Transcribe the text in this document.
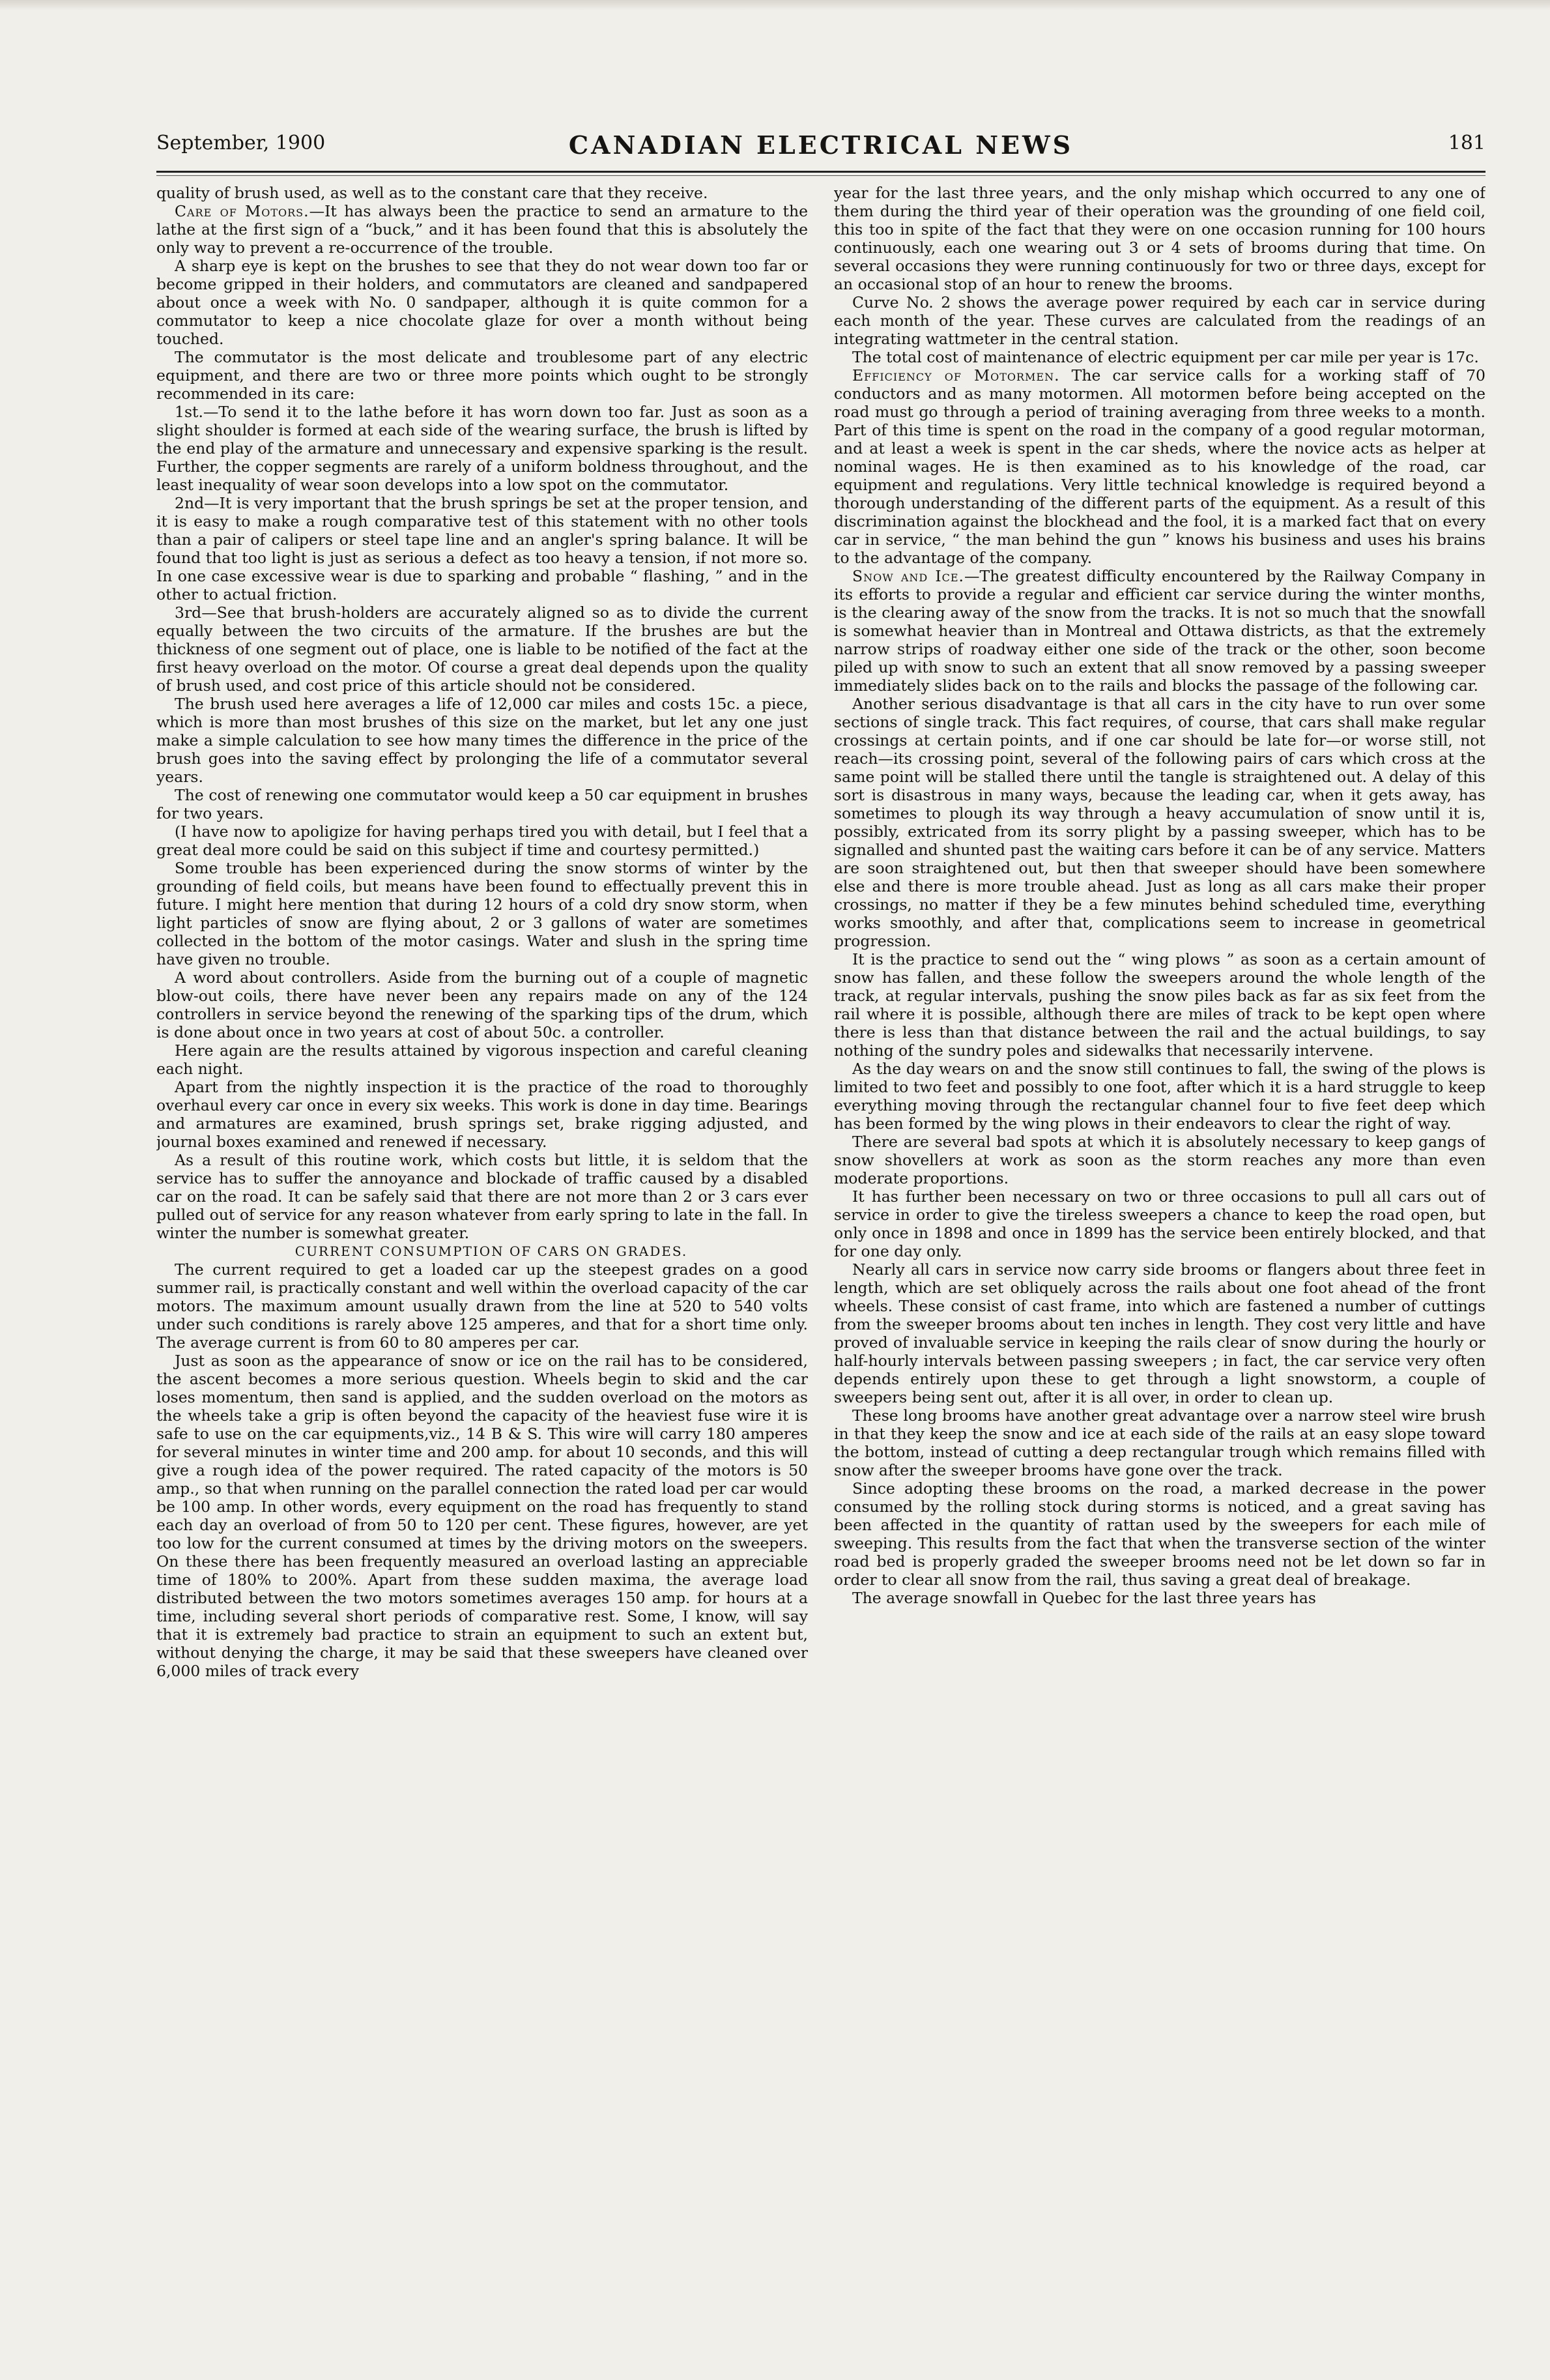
September, 1900	CANADIAN ELECTRICAL NEWS	181

quality of brush used, as well as to the constant care that they receive.

Care of Motors.—It has always been the practice to send an armature to the lathe at the first sign of a “buck,” and it has been found that this is absolutely the only way to prevent a re-occurrence of the trouble.

A sharp eye is kept on the brushes to see that they do not wear down too far or become gripped in their holders, and commutators are cleaned and sandpapered about once a week with No. 0 sandpaper, although it is quite common for a commutator to keep a nice chocolate glaze for over a month without being touched.

The commutator is the most delicate and troublesome part of any electric equipment, and there are two or three more points which ought to be strongly recommended in its care:

1st.—To send it to the lathe before it has worn down too far. Just as soon as a slight shoulder is formed at each side of the wearing surface, the brush is lifted by the end play of the armature and unnecessary and expensive sparking is the result. Further, the copper segments are rarely of a uniform boldness throughout, and the least inequality of wear soon develops into a low spot on the commutator.

2nd—It is very important that the brush springs be set at the proper tension, and it is easy to make a rough comparative test of this statement with no other tools than a pair of calipers or steel tape line and an angler's spring balance. It will be found that too light is just as serious a defect as too heavy a tension, if not more so. In one case excessive wear is due to sparking and probable “ flashing, ” and in the other to actual friction.

3rd—See that brush-holders are accurately aligned so as to divide the current equally between the two circuits of the armature. If the brushes are but the thickness of one segment out of place, one is liable to be notified of the fact at the first heavy overload on the motor. Of course a great deal depends upon the quality of brush used, and cost price of this article should not be considered.

The brush used here averages a life of 12,000 car miles and costs 15c. a piece, which is more than most brushes of this size on the market, but let any one just make a simple calculation to see how many times the difference in the price of the brush goes into the saving effect by prolonging the life of a commutator several years.

The cost of renewing one commutator would keep a 50 car equipment in brushes for two years.

(I have now to apoligize for having perhaps tired you with detail, but I feel that a great deal more could be said on this subject if time and courtesy permitted.)

Some trouble has been experienced during the snow storms of winter by the grounding of field coils, but means have been found to effectually prevent this in future. I might here mention that during 12 hours of a cold dry snow storm, when light particles of snow are flying about, 2 or 3 gallons of water are sometimes collected in the bottom of the motor casings. Water and slush in the spring time have given no trouble.

A word about controllers. Aside from the burning out of a couple of magnetic blow-out coils, there have never been any repairs made on any of the 124 controllers in service beyond the renewing of the sparking tips of the drum, which is done about once in two years at cost of about 50c. a controller.

Here again are the results attained by vigorous inspection and careful cleaning each night.

Apart from the nightly inspection it is the practice of the road to thoroughly overhaul every car once in every six weeks. This work is done in day time. Bearings and armatures are examined, brush springs set, brake rigging adjusted, and journal boxes examined and renewed if necessary.

As a result of this routine work, which costs but little, it is seldom that the service has to suffer the annoyance and blockade of traffic caused by a disabled car on the road. It can be safely said that there are not more than 2 or 3 cars ever pulled out of service for any reason whatever from early spring to late in the fall. In winter the number is somewhat greater.

CURRENT CONSUMPTION OF CARS ON GRADES.

The current required to get a loaded car up the steepest grades on a good summer rail, is practically constant and well within the overload capacity of the car motors. The maximum amount usually drawn from the line at 520 to 540 volts under such conditions is rarely above 125 amperes, and that for a short time only. The average current is from 60 to 80 amperes per car.

Just as soon as the appearance of snow or ice on the rail has to be considered, the ascent becomes a more serious question. Wheels begin to skid and the car loses momentum, then sand is applied, and the sudden overload on the motors as the wheels take a grip is often beyond the capacity of the heaviest fuse wire it is safe to use on the car equipments,viz., 14 B & S. This wire will carry 180 amperes for several minutes in winter time and 200 amp. for about 10 seconds, and this will give a rough idea of the power required. The rated capacity of the motors is 50 amp., so that when running on the parallel connection the rated load per car would be 100 amp. In other words, every equipment on the road has frequently to stand each day an overload of from 50 to 120 per cent. These figures, however, are yet too low for the current consumed at times by the driving motors on the sweepers. On these there has been frequently measured an overload lasting an appreciable time of 180% to 200%. Apart from these sudden maxima, the average load distributed between the two motors sometimes averages 150 amp. for hours at a time, including several short periods of comparative rest. Some, I know, will say that it is extremely bad practice to strain an equipment to such an extent but, without denying the charge, it may be said that these sweepers have cleaned over 6,000 miles of track every

year for the last three years, and the only mishap which occurred to any one of them during the third year of their operation was the grounding of one field coil, this too in spite of the fact that they were on one occasion running for 100 hours continuously, each one wearing out 3 or 4 sets of brooms during that time. On several occasions they were running continuously for two or three days, except for an occasional stop of an hour to renew the brooms.

Curve No. 2 shows the average power required by each car in service during each month of the year. These curves are calculated from the readings of an integrating wattmeter in the central station.

The total cost of maintenance of electric equipment per car mile per year is 17c.

Efficiency of Motormen. The car service calls for a working staff of 70 conductors and as many motormen. All motormen before being accepted on the road must go through a period of training averaging from three weeks to a month. Part of this time is spent on the road in the company of a good regular motorman, and at least a week is spent in the car sheds, where the novice acts as helper at nominal wages. He is then examined as to his knowledge of the road, car equipment and regulations. Very little technical knowledge is required beyond a thorough understanding of the different parts of the equipment. As a result of this discrimination against the blockhead and the fool, it is a marked fact that on every car in service, “ the man behind the gun ” knows his business and uses his brains to the advantage of the company.

Snow and Ice.—The greatest difficulty encountered by the Railway Company in its efforts to provide a regular and efficient car service during the winter months, is the clearing away of the snow from the tracks. It is not so much that the snowfall is somewhat heavier than in Montreal and Ottawa districts, as that the extremely narrow strips of roadway either one side of the track or the other, soon become piled up with snow to such an extent that all snow removed by a passing sweeper immediately slides back on to the rails and blocks the passage of the following car.

Another serious disadvantage is that all cars in the city have to run over some sections of single track. This fact requires, of course, that cars shall make regular crossings at certain points, and if one car should be late for—or worse still, not reach—its crossing point, several of the following pairs of cars which cross at the same point will be stalled there until the tangle is straightened out. A delay of this sort is disastrous in many ways, because the leading car, when it gets away, has sometimes to plough its way through a heavy accumulation of snow until it is, possibly, extricated from its sorry plight by a passing sweeper, which has to be signalled and shunted past the waiting cars before it can be of any service. Matters are soon straightened out, but then that sweeper should have been somewhere else and there is more trouble ahead. Just as long as all cars make their proper crossings, no matter if they be a few minutes behind scheduled time, everything works smoothly, and after that, complications seem to increase in geometrical progression.

It is the practice to send out the “ wing plows ” as soon as a certain amount of snow has fallen, and these follow the sweepers around the whole length of the track, at regular intervals, pushing the snow piles back as far as six feet from the rail where it is possible, although there are miles of track to be kept open where there is less than that distance between the rail and the actual buildings, to say nothing of the sundry poles and sidewalks that necessarily intervene.

As the day wears on and the snow still continues to fall, the swing of the plows is limited to two feet and possibly to one foot, after which it is a hard struggle to keep everything moving through the rectangular channel four to five feet deep which has been formed by the wing plows in their endeavors to clear the right of way.

There are several bad spots at which it is absolutely necessary to keep gangs of snow shovellers at work as soon as the storm reaches any more than even moderate proportions.

It has further been necessary on two or three occasions to pull all cars out of service in order to give the tireless sweepers a chance to keep the road open, but only once in 1898 and once in 1899 has the service been entirely blocked, and that for one day only.

Nearly all cars in service now carry side brooms or flangers about three feet in length, which are set obliquely across the rails about one foot ahead of the front wheels. These consist of cast frame, into which are fastened a number of cuttings from the sweeper brooms about ten inches in length. They cost very little and have proved of invaluable service in keeping the rails clear of snow during the hourly or half-hourly intervals between passing sweepers ; in fact, the car service very often depends entirely upon these to get through a light snowstorm, a couple of sweepers being sent out, after it is all over, in order to clean up.

These long brooms have another great advantage over a narrow steel wire brush in that they keep the snow and ice at each side of the rails at an easy slope toward the bottom, instead of cutting a deep rectangular trough which remains filled with snow after the sweeper brooms have gone over the track.

Since adopting these brooms on the road, a marked decrease in the power consumed by the rolling stock during storms is noticed, and a great saving has been affected in the quantity of rattan used by the sweepers for each mile of sweeping. This results from the fact that when the transverse section of the winter road bed is properly graded the sweeper brooms need not be let down so far in order to clear all snow from the rail, thus saving a great deal of breakage.

The average snowfall in Quebec for the last three years has
